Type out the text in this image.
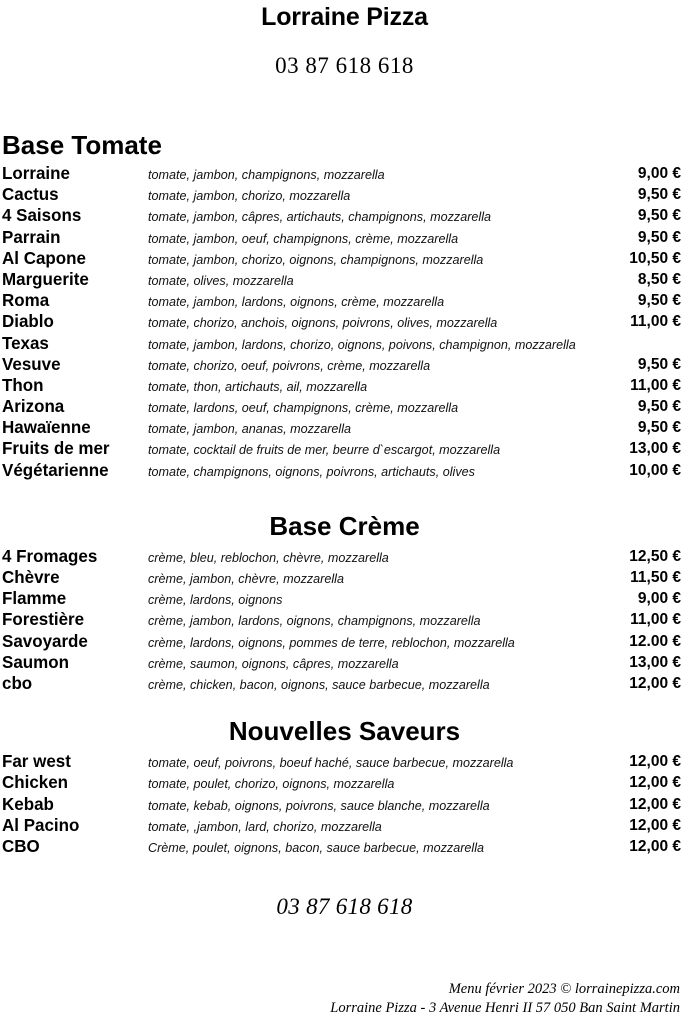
Lorraine Pizza
03 87 618 618
Base Tomate
Lorraine	tomate, jambon, champignons, mozzarella	9,00 €
Cactus	tomate, jambon, chorizo, mozzarella	9,50 €
4 Saisons	tomate, jambon, câpres, artichauts, champignons, mozzarella	9,50 €
Parrain	tomate, jambon, oeuf, champignons, crème, mozzarella	9,50 €
Al Capone	tomate, jambon, chorizo, oignons, champignons, mozzarella	10,50 €
Marguerite	tomate, olives, mozzarella	8,50 €
Roma	tomate, jambon, lardons, oignons, crème, mozzarella	9,50 €
Diablo	tomate, chorizo, anchois, oignons, poivrons, olives, mozzarella	11,00 €
Texas	tomate, jambon, lardons, chorizo, oignons, poivons, champignon, mozzarella
Vesuve	tomate, chorizo, oeuf, poivrons, crème, mozzarella	9,50 €
Thon	tomate, thon, artichauts, ail, mozzarella	11,00 €
Arizona	tomate, lardons, oeuf, champignons, crème, mozzarella	9,50 €
Hawaïenne	tomate, jambon, ananas, mozzarella	9,50 €
Fruits de mer	tomate, cocktail de fruits de mer, beurre d`escargot, mozzarella	13,00 €
Végétarienne	tomate, champignons, oignons, poivrons, artichauts, olives	10,00 €
Base Crème
4 Fromages	crème, bleu, reblochon, chèvre, mozzarella	12,50 €
Chèvre	crème, jambon, chèvre, mozzarella	11,50 €
Flamme	crème, lardons, oignons	9,00 €
Forestière	crème, jambon, lardons, oignons, champignons, mozzarella	11,00 €
Savoyarde	crème, lardons, oignons, pommes de terre, reblochon, mozzarella	12.00 €
Saumon	crème, saumon, oignons, câpres, mozzarella	13,00 €
cbo	crème, chicken, bacon, oignons, sauce barbecue, mozzarella	12,00 €
Nouvelles Saveurs
Far west	tomate, oeuf, poivrons, boeuf haché, sauce barbecue, mozzarella	12,00 €
Chicken	tomate, poulet, chorizo, oignons, mozzarella	12,00 €
Kebab	tomate, kebab, oignons, poivrons, sauce blanche, mozzarella	12,00 €
Al Pacino	tomate, ,jambon, lard, chorizo, mozzarella	12,00 €
CBO	Crème, poulet, oignons, bacon, sauce barbecue, mozzarella	12,00 €
03 87 618 618
Menu février 2023 © lorrainepizza.com
Lorraine Pizza - 3 Avenue Henri II 57 050 Ban Saint Martin
